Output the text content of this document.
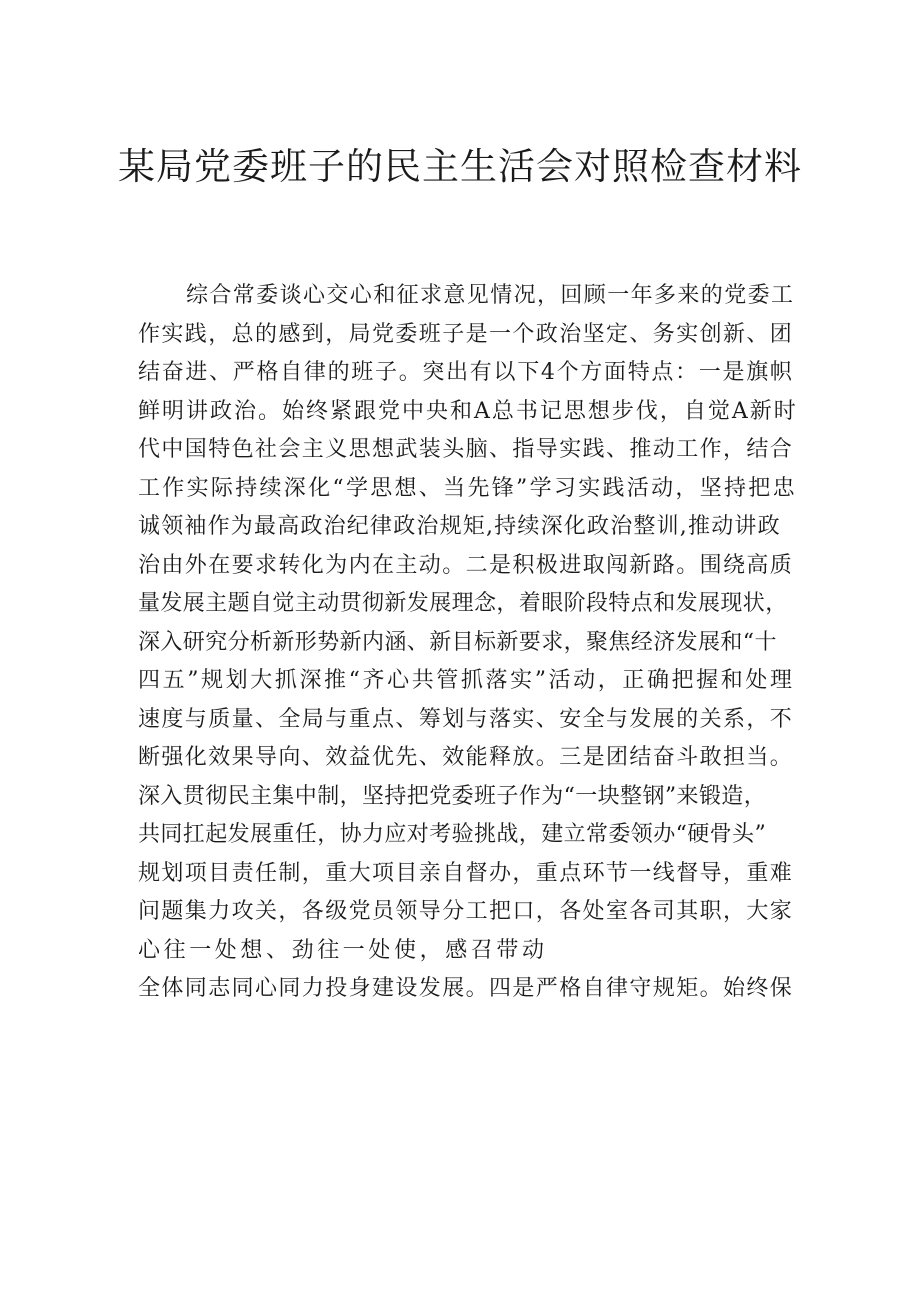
某局党委班子的民主生活会对照检查材料
综合常委谈心交心和征求意见情况，回顾一年多来的党委工
作实践，总的感到，局党委班子是一个政治坚定、务实创新、团
结奋进、严格自律的班子。突出有以下4个方面特点：一是旗帜
鲜明讲政治。始终紧跟党中央和A总书记思想步伐，自觉A新时
代中国特色社会主义思想武装头脑、指导实践、推动工作，结合
工作实际持续深化“学思想、当先锋”学习实践活动，坚持把忠
诚领袖作为最高政治纪律政治规矩,持续深化政治整训,推动讲政
治由外在要求转化为内在主动。二是积极进取闯新路。围绕高质
量发展主题自觉主动贯彻新发展理念，着眼阶段特点和发展现状，
深入研究分析新形势新内涵、新目标新要求，聚焦经济发展和“十
四五”规划大抓深推“齐心共管抓落实”活动，正确把握和处理
速度与质量、全局与重点、筹划与落实、安全与发展的关系，不
断强化效果导向、效益优先、效能释放。三是团结奋斗敢担当。
深入贯彻民主集中制，坚持把党委班子作为“一块整钢”来锻造，
共同扛起发展重任，协力应对考验挑战，建立常委领办“硬骨头”
规划项目责任制，重大项目亲自督办，重点环节一线督导，重难
问题集力攻关，各级党员领导分工把口，各处室各司其职，大家
心往一处想、劲往一处使，感召带动
全体同志同心同力投身建设发展。四是严格自律守规矩。始终保
